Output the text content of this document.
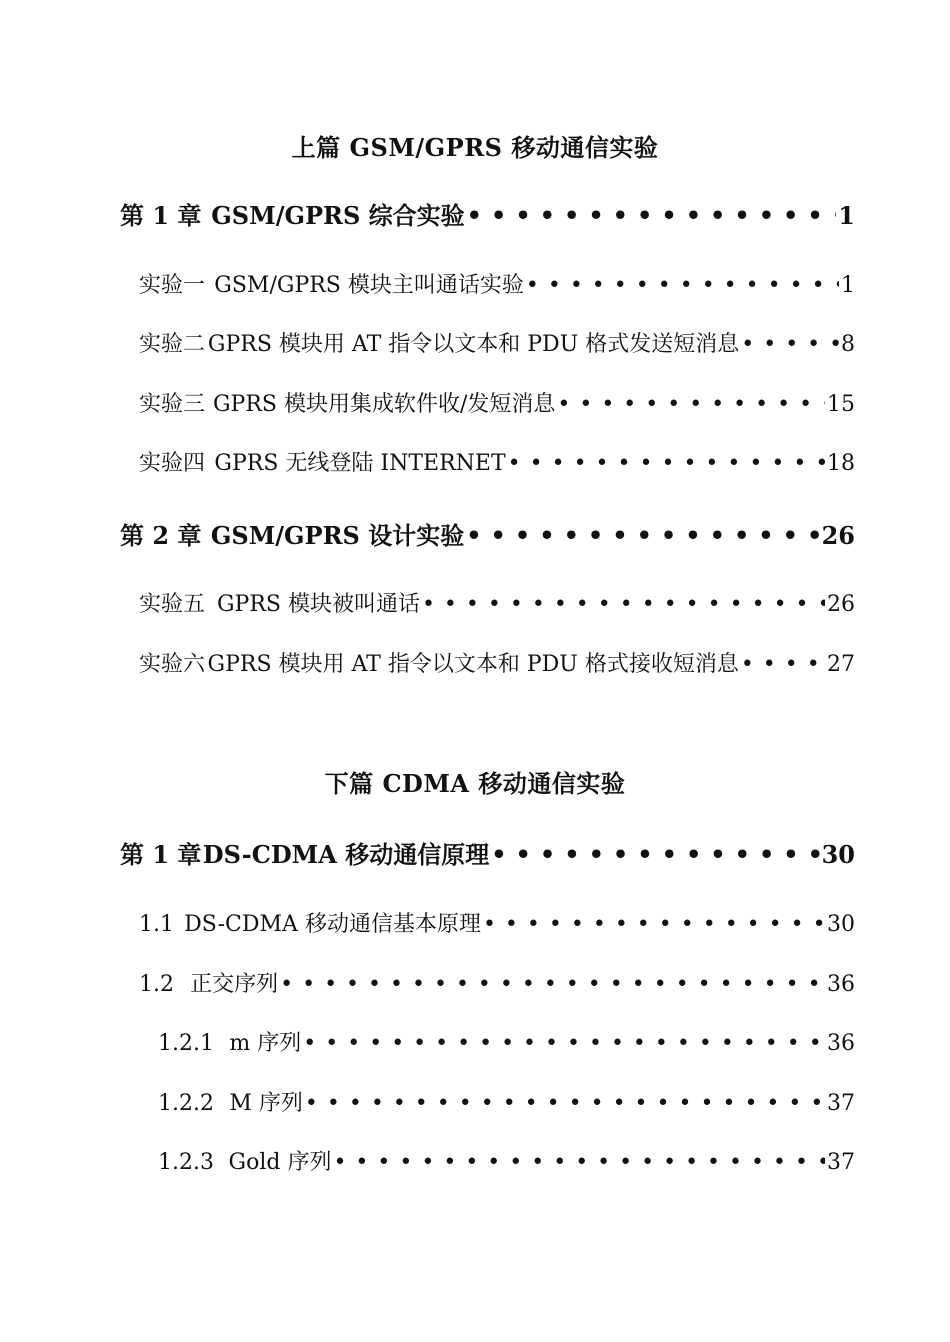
上篇 GSM/GPRS 移动通信实验
第 1 章 GSM/GPRS 综合实验 •••••	1
实验一 GSM/GPRS 模块主叫通话实验 •••••	1
实验二 GPRS 模块用 AT 指令以文本和 PDU 格式发送短消息 •••••	8
实验三 GPRS 模块用集成软件收/发短消息 •••••	15
实验四 GPRS 无线登陆 INTERNET •••••	18
第 2 章 GSM/GPRS 设计实验 •••••	26
实验五 GPRS 模块被叫通话 •••••	26
实验六 GPRS 模块用 AT 指令以文本和 PDU 格式接收短消息 •••••	27
下篇 CDMA 移动通信实验
第 1 章 DS-CDMA 移动通信原理 •••••	30
1.1 DS-CDMA 移动通信基本原理 •••••	30
1.2 正交序列 •••••	36
1.2.1 m 序列 •••••	36
1.2.2 M 序列 •••••	37
1.2.3 Gold 序列 •••••	37
